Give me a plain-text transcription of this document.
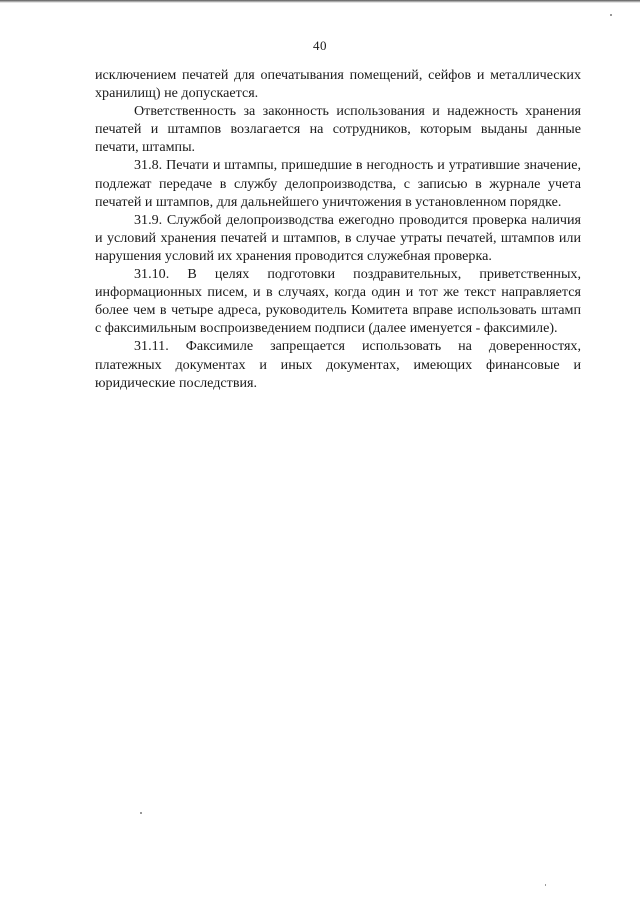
40

исключением печатей для опечатывания помещений, сейфов и металлических хранилищ) не допускается.

Ответственность за законность использования и надежность хранения печатей и штампов возлагается на сотрудников, которым выданы данные печати, штампы.

31.8. Печати и штампы, пришедшие в негодность и утратившие значение, подлежат передаче в службу делопроизводства, с записью в журнале учета печатей и штампов, для дальнейшего уничтожения в установленном порядке.

31.9. Службой делопроизводства ежегодно проводится проверка наличия и условий хранения печатей и штампов, в случае утраты печатей, штампов или нарушения условий их хранения проводится служебная проверка.

31.10. В целях подготовки поздравительных, приветственных, информационных писем, и в случаях, когда один и тот же текст направляется более чем в четыре адреса, руководитель Комитета вправе использовать штамп с факсимильным воспроизведением подписи (далее именуется - факсимиле).

31.11. Факсимиле запрещается использовать на доверенностях, платежных документах и иных документах, имеющих финансовые и юридические последствия.
